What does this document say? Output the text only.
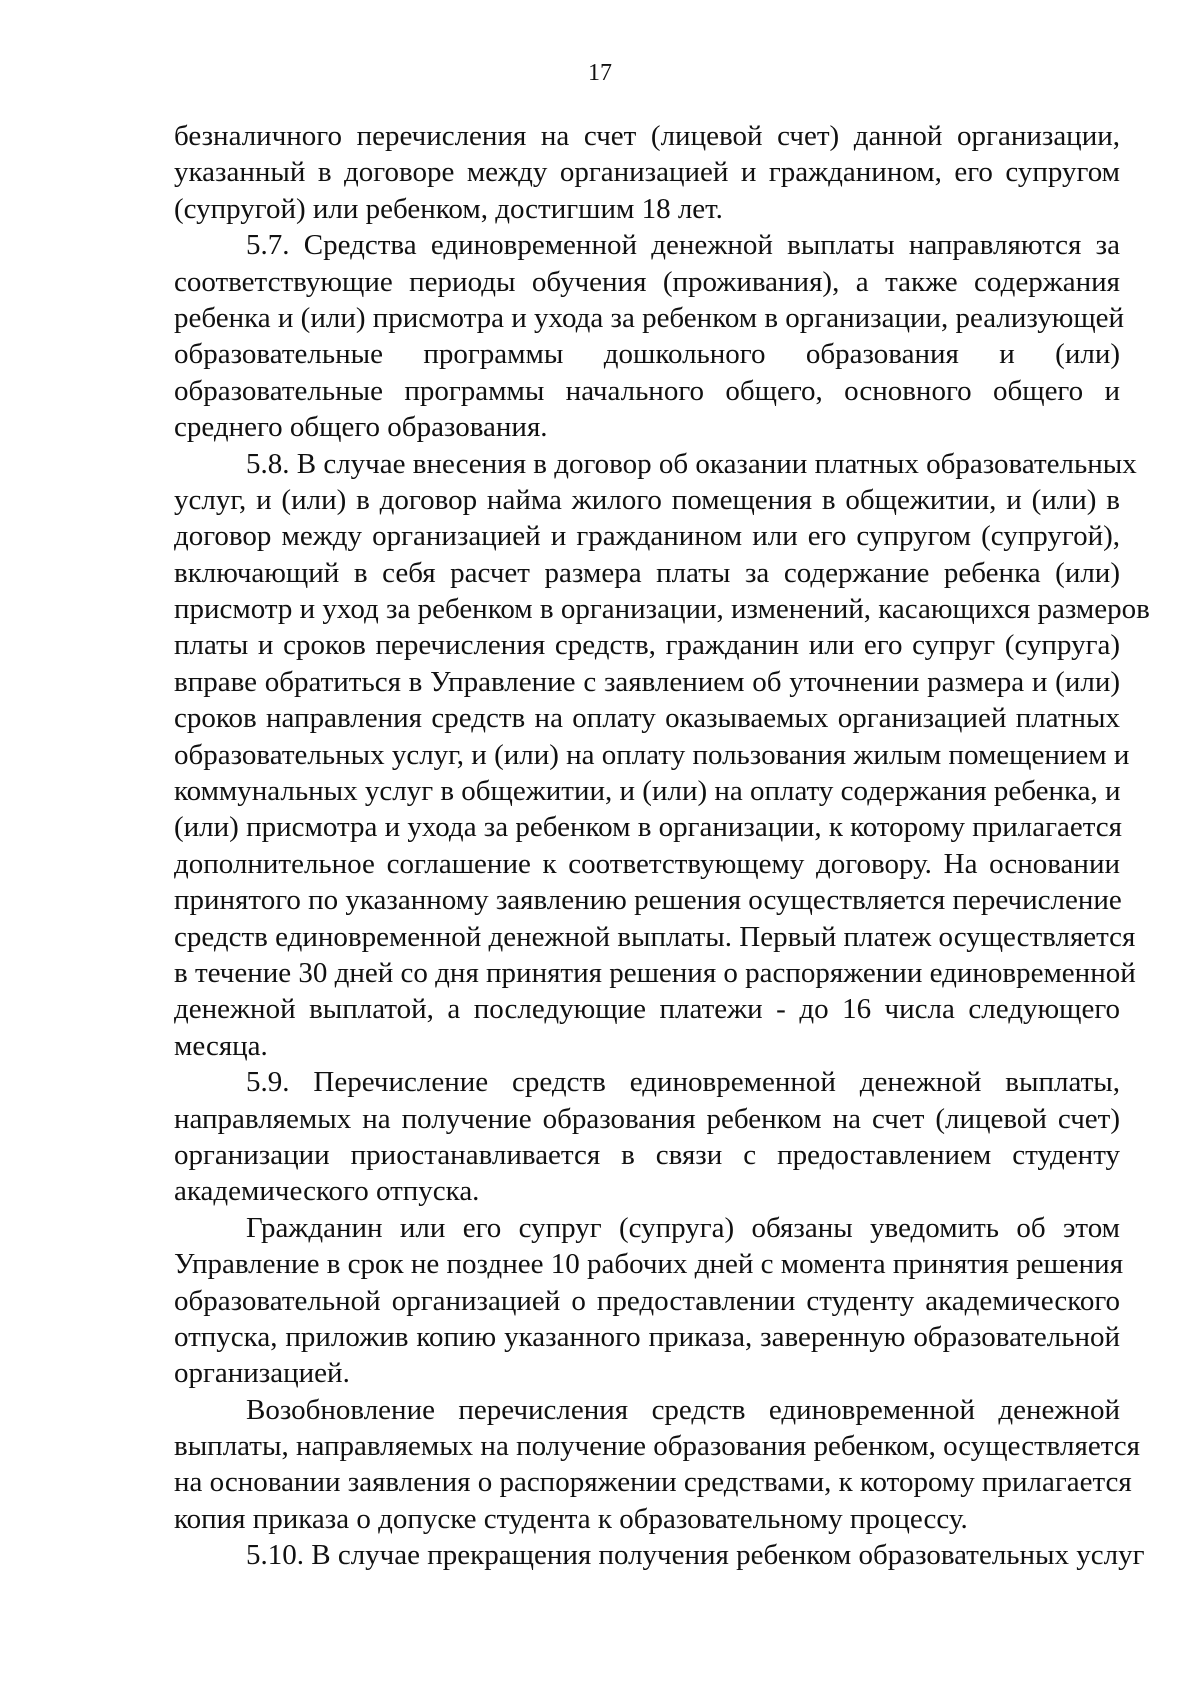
17
безналичного перечисления на счет (лицевой счет) данной организации,
указанный в договоре между организацией и гражданином, его супругом
(супругой) или ребенком, достигшим 18 лет.
5.7. Средства единовременной денежной выплаты направляются за
соответствующие периоды обучения (проживания), а также содержания
ребенка и (или) присмотра и ухода за ребенком в организации, реализующей
образовательные программы дошкольного образования и (или)
образовательные программы начального общего, основного общего и
среднего общего образования.
5.8. В случае внесения в договор об оказании платных образовательных
услуг, и (или) в договор найма жилого помещения в общежитии, и (или) в
договор между организацией и гражданином или его супругом (супругой),
включающий в себя расчет размера платы за содержание ребенка (или)
присмотр и уход за ребенком в организации, изменений, касающихся размеров
платы и сроков перечисления средств, гражданин или его супруг (супруга)
вправе обратиться в Управление с заявлением об уточнении размера и (или)
сроков направления средств на оплату оказываемых организацией платных
образовательных услуг, и (или) на оплату пользования жилым помещением и
коммунальных услуг в общежитии, и (или) на оплату содержания ребенка, и
(или) присмотра и ухода за ребенком в организации, к которому прилагается
дополнительное соглашение к соответствующему договору. На основании
принятого по указанному заявлению решения осуществляется перечисление
средств единовременной денежной выплаты. Первый платеж осуществляется
в течение 30 дней со дня принятия решения о распоряжении единовременной
денежной выплатой, а последующие платежи - до 16 числа следующего
месяца.
5.9. Перечисление средств единовременной денежной выплаты,
направляемых на получение образования ребенком на счет (лицевой счет)
организации приостанавливается в связи с предоставлением студенту
академического отпуска.
Гражданин или его супруг (супруга) обязаны уведомить об этом
Управление в срок не позднее 10 рабочих дней с момента принятия решения
образовательной организацией о предоставлении студенту академического
отпуска, приложив копию указанного приказа, заверенную образовательной
организацией.
Возобновление перечисления средств единовременной денежной
выплаты, направляемых на получение образования ребенком, осуществляется
на основании заявления о распоряжении средствами, к которому прилагается
копия приказа о допуске студента к образовательному процессу.
5.10. В случае прекращения получения ребенком образовательных услуг
